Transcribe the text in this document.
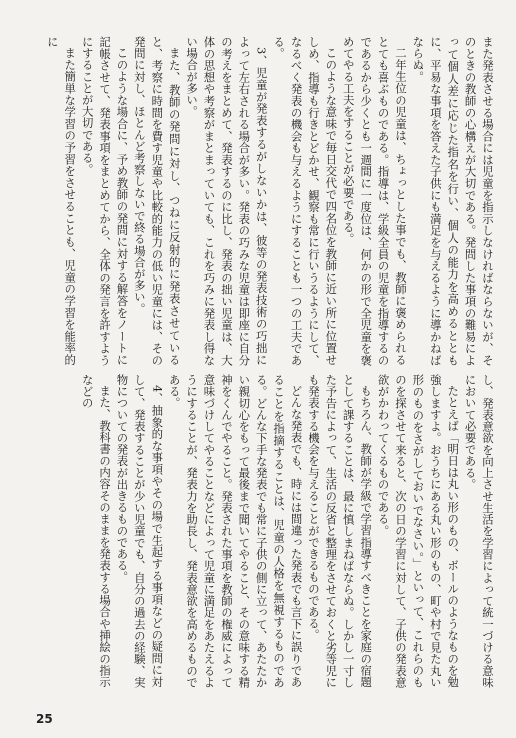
また発表させる場合には児童を指示しなければならないが、そのときの教師の心構えが大切である。発問した事項の難易によって個人差に応じた指名を行い、個人の能力を高めるとともに、平易な事項を答えた子供にも満足を与えるように導かねばならぬ。

二年生位の児童は、ちょっとした事でも、教師に褒められるとても喜ぶものである。指導は、学級全員の児童を指導するのであるから少くとも一週間に一度位は、何かの形で全児童を褒めてやる工夫をすることが必要である。

このような意味で毎日交代で四名位を教師に近い所に位置せしめ、指導も行きとどかせ、観察も常に行いうるようにして、なるべく発表の機会も与えるようにすることも一つの工夫である。

3、児童が発表するがしないかは、彼等の発表技術の巧拙によって左右される場合が多い。発表の巧みな児童は即座に自分の考えをまとめて、発表するのに比し、発表の拙い児童は、大体の思想や考察がまとまっていても、これを巧みに発表し得ない場合が多い。

また、教師の発問に対し、つねに反射的に発表させていると、考察に時間を費す児童や比較的能力の低い児童には、その発問に対し、ほとんど考察しないで終る場合が多い。

このような場合に、予め教師の発問に対する解答をノートに記帳させて、発表事項をまとめてから、全体の発言を許すようにすることが大切である。

また簡単な学習の予習をさせることも、児童の学習を能率的に

し、発表意欲を向上させ生活を学習によって統一づける意味において必要である。

たとえば「明日は丸い形のもの、ボールのようなものを勉強しますよ。おうちにある丸い形のもの、町や村で見た丸い形のものをさがしておいでなさい。」といって、これらのものを探させて来ると、次の日の学習に対して、子供の発表意欲がかわってくるものである。

もちろん、教師が学級で学習指導すべきことを家庭の宿題として課することは、最に慎しまねばならぬ。しかし一寸した予告によって、生活の反省と整理をさせておくと劣等児にも発表する機会を与えることができるものである。

どんな発表でも、時には間違った発表でも言下に誤りであることを指摘することは、児童の人格を無視するものである。どんな下手な発表でも常に子供の側に立って、あたたかい親切心をもって最後まで聞いてやること、その意味する精神をくんでやること。発表された事項を教師の権威によって意味づけしてやることなどによって児童に満足をあたえるようにすることが、発表力を助長し、発表意欲を高めるものである。

4、抽象的な事項やその場で生起する事項などの疑問に対して、発表することが少い児童でも、自分の過去の経験、実物についての発表が出きるものである。

また、教科書の内容そのままを発表する場合や挿絵の指示などの

25
